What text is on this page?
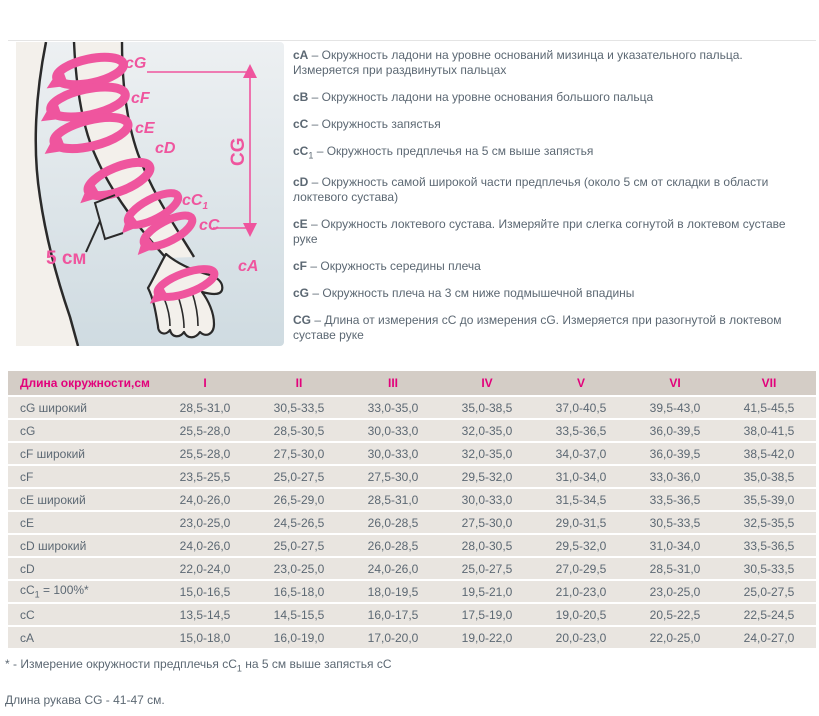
CG
5 см
cG
cF
cE
cD
$cC_1$
cC
cA

cA – Окружность ладони на уровне оснований мизинца и указательного пальца. Измеряется при раздвинутых пальцах

cB – Окружность ладони на уровне основания большого пальца

cC – Окружность запястья

$cC_1$ – Окружность предплечья на 5 см выше запястья

cD – Окружность самой широкой части предплечья (около 5 см от складки в области локтевого сустава)

cE – Окружность локтевого сустава. Измеряйте при слегка согнутой в локтевом суставе руке

cF – Окружность середины плеча

cG – Окружность плеча на 3 см ниже подмышечной впадины

CG – Длина от измерения сС до измерения сG. Измеряется при разогнутой в локтевом суставе руке

Длина окружности,см	I	II	III	IV	V	VI	VII
cG широкий	28,5-31,0	30,5-33,5	33,0-35,0	35,0-38,5	37,0-40,5	39,5-43,0	41,5-45,5
cG	25,5-28,0	28,5-30,5	30,0-33,0	32,0-35,0	33,5-36,5	36,0-39,5	38,0-41,5
cF широкий	25,5-28,0	27,5-30,0	30,0-33,0	32,0-35,0	34,0-37,0	36,0-39,5	38,5-42,0
cF	23,5-25,5	25,0-27,5	27,5-30,0	29,5-32,0	31,0-34,0	33,0-36,0	35,0-38,5
cE широкий	24,0-26,0	26,5-29,0	28,5-31,0	30,0-33,0	31,5-34,5	33,5-36,5	35,5-39,0
cE	23,0-25,0	24,5-26,5	26,0-28,5	27,5-30,0	29,0-31,5	30,5-33,5	32,5-35,5
cD широкий	24,0-26,0	25,0-27,5	26,0-28,5	28,0-30,5	29,5-32,0	31,0-34,0	33,5-36,5
cD	22,0-24,0	23,0-25,0	24,0-26,0	25,0-27,5	27,0-29,5	28,5-31,0	30,5-33,5
$cC_1 = 100\%*$	15,0-16,5	16,5-18,0	18,0-19,5	19,5-21,0	21,0-23,0	23,0-25,0	25,0-27,5
cC	13,5-14,5	14,5-15,5	16,0-17,5	17,5-19,0	19,0-20,5	20,5-22,5	22,5-24,5
cA	15,0-18,0	16,0-19,0	17,0-20,0	19,0-22,0	20,0-23,0	22,0-25,0	24,0-27,0

* - Измерение окружности предплечья $сС_1$ на 5 см выше запястья сС

Длина рукава CG - 41-47 см.
